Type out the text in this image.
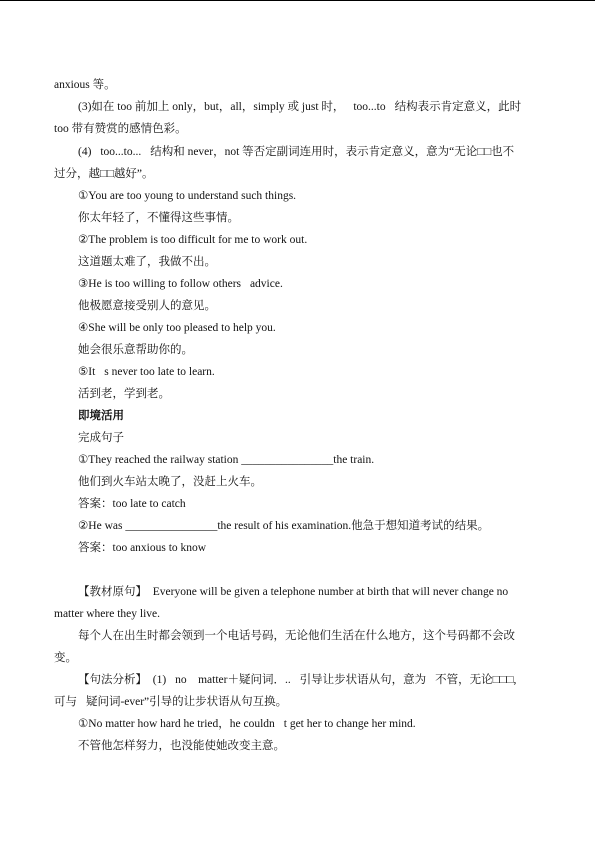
anxious 等。
(3)如在 too 前加上 only，but，all，simply 或 just 时， too...to 结构表示肯定意义，此时
too 带有赞赏的感情色彩。
(4) too...to... 结构和 never，not 等否定副词连用时，表示肯定意义，意为“无论□□也不
过分，越□□越好”。
①You are too young to understand such things.
你太年轻了，不懂得这些事情。
②The problem is too difficult for me to work out.
这道题太难了，我做不出。
③He is too willing to follow others advice.
他极愿意接受别人的意见。
④She will be only too pleased to help you.
她会很乐意帮助你的。
⑤It s never too late to learn.
活到老，学到老。
即境活用
完成句子
①They reached the railway station ________________the train.
他们到火车站太晚了，没赶上火车。
答案：too late to catch
②He was ________________the result of his examination.他急于想知道考试的结果。
答案：too anxious to know
【教材原句】　Everyone will be given a telephone number at birth that will never change no
matter where they live.
每个人在出生时都会领到一个电话号码，无论他们生活在什么地方，这个号码都不会改
变。
【句法分析】　(1) no　matter＋疑问词．.. 引导让步状语从句，意为 不管，无论□□□,
可与 疑问词-ever”引导的让步状语从句互换。
①No matter how hard he tried，he couldn t get her to change her mind.
不管他怎样努力，也没能使她改变主意。
